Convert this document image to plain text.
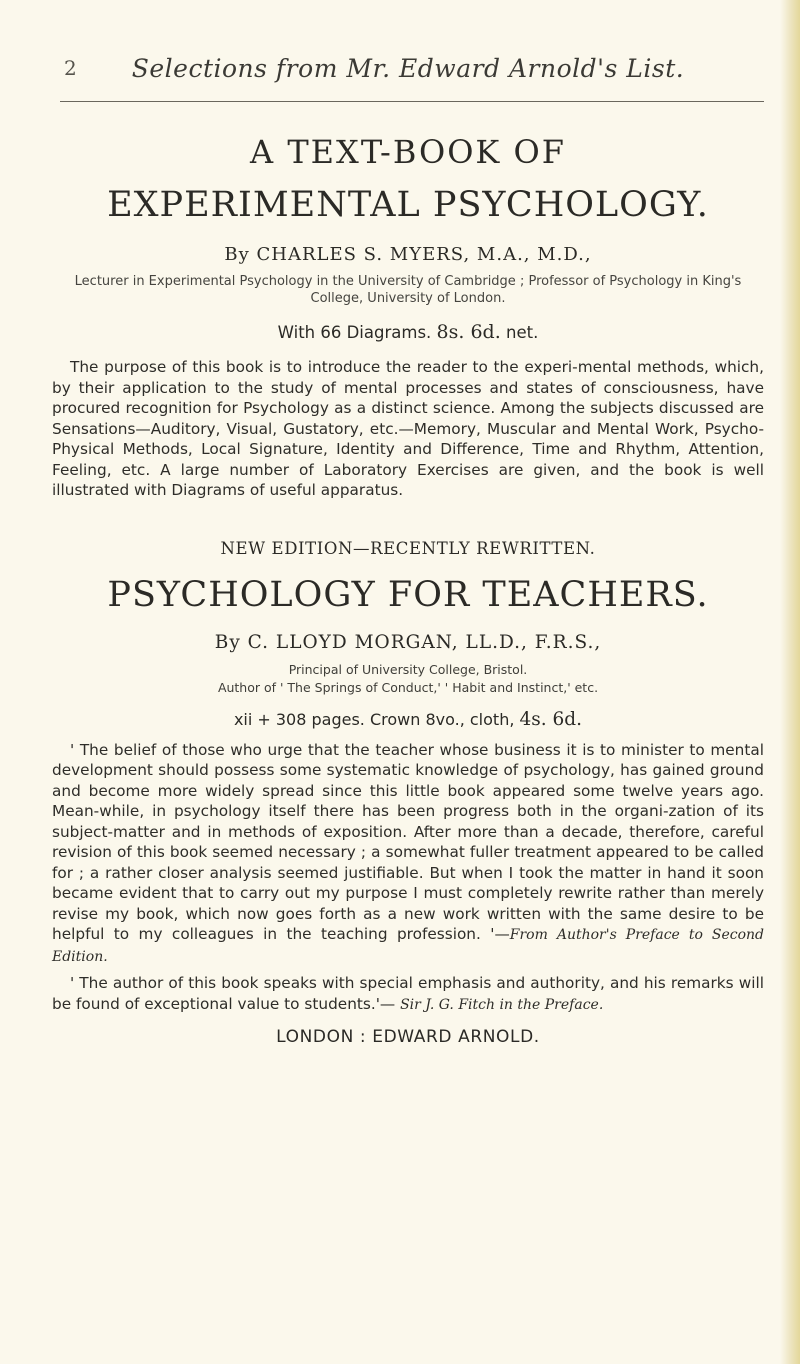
2	Selections from Mr. Edward Arnold's List.
A TEXT-BOOK OF
EXPERIMENTAL PSYCHOLOGY.
By CHARLES S. MYERS, M.A., M.D.,
Lecturer in Experimental Psychology in the University of Cambridge ; Professor of Psychology in King's College, University of London.
With 66 Diagrams. 8s. 6d. net.

The purpose of this book is to introduce the reader to the experi-mental methods, which, by their application to the study of mental processes and states of consciousness, have procured recognition for Psychology as a distinct science. Among the subjects discussed are Sensations—Auditory, Visual, Gustatory, etc.—Memory, Muscular and Mental Work, Psycho-Physical Methods, Local Signature, Identity and Difference, Time and Rhythm, Attention, Feeling, etc. A large number of Laboratory Exercises are given, and the book is well illustrated with Diagrams of useful apparatus.

NEW EDITION—RECENTLY REWRITTEN.
PSYCHOLOGY FOR TEACHERS.
By C. LLOYD MORGAN, LL.D., F.R.S.,
Principal of University College, Bristol.
Author of ' The Springs of Conduct,' ' Habit and Instinct,' etc.
xii + 308 pages. Crown 8vo., cloth, 4s. 6d.

' The belief of those who urge that the teacher whose business it is to minister to mental development should possess some systematic knowledge of psychology, has gained ground and become more widely spread since this little book appeared some twelve years ago. Mean-while, in psychology itself there has been progress both in the organi-zation of its subject-matter and in methods of exposition. After more than a decade, therefore, careful revision of this book seemed necessary ; a somewhat fuller treatment appeared to be called for ; a rather closer analysis seemed justifiable. But when I took the matter in hand it soon became evident that to carry out my purpose I must completely rewrite rather than merely revise my book, which now goes forth as a new work written with the same desire to be helpful to my colleagues in the teaching profession. '—From Author's Preface to Second Edition.

' The author of this book speaks with special emphasis and authority, and his remarks will be found of exceptional value to students.'— Sir J. G. Fitch in the Preface.

LONDON : EDWARD ARNOLD.
